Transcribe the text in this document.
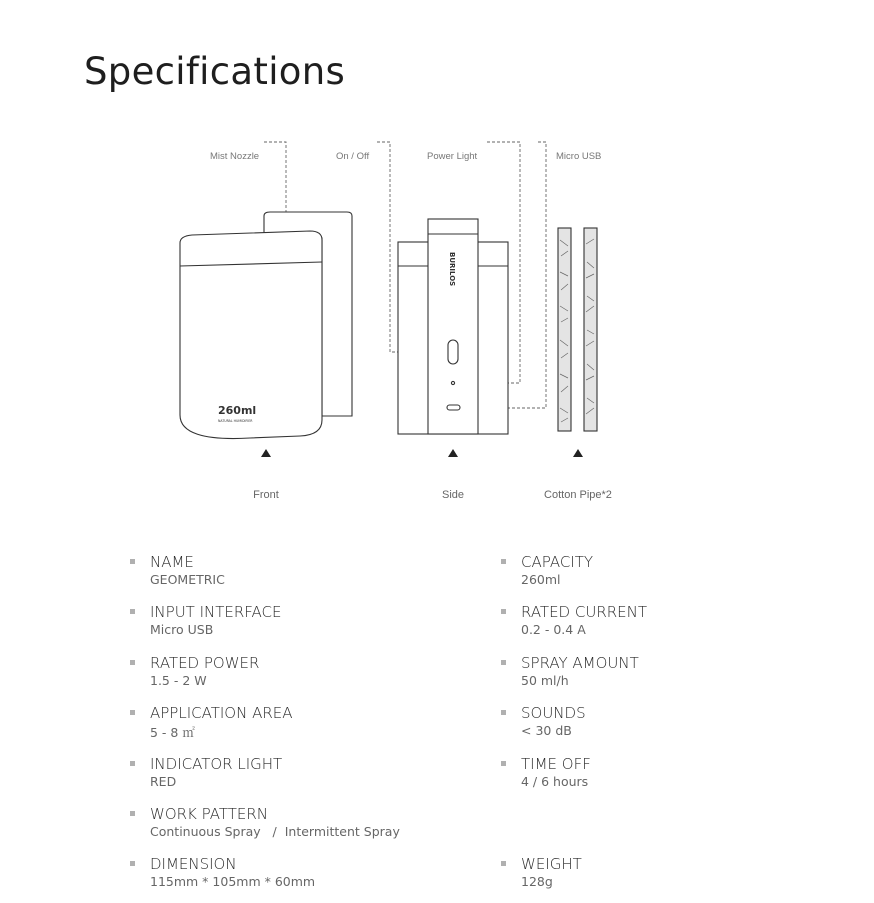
Specifications
Mist Nozzle	On / Off	Power Light	Micro USB
260ml
NATURAL HUMIDIFIER
BURILOS
Front	Side	Cotton Pipe*2
NAME
GEOMETRIC
INPUT INTERFACE
Micro USB
RATED POWER
1.5 - 2 W
APPLICATION AREA
5 - 8 ㎡
INDICATOR LIGHT
RED
WORK PATTERN
Continuous Spray   /  Intermittent Spray
DIMENSION
115mm * 105mm * 60mm
CAPACITY
260ml
RATED CURRENT
0.2 - 0.4 A
SPRAY AMOUNT
50 ml/h
SOUNDS
< 30 dB
TIME OFF
4 / 6 hours
WEIGHT
128g
